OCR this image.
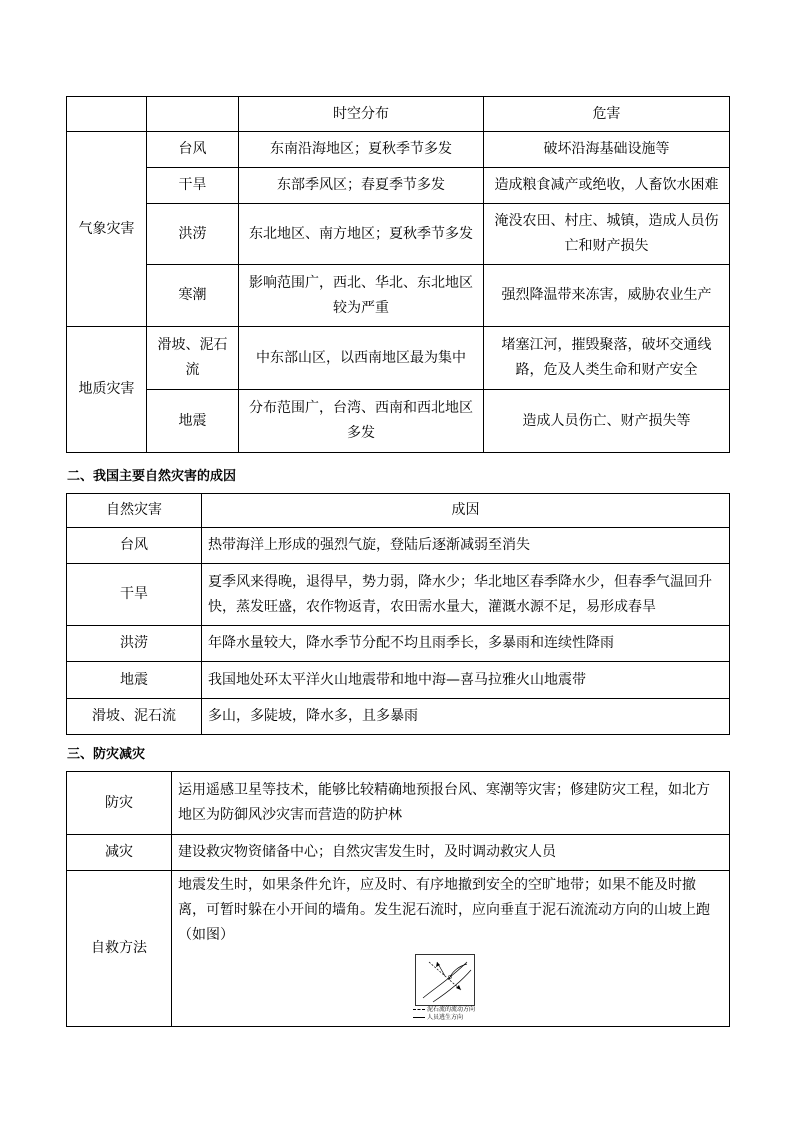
		时空分布	危害
气象灾害	台风	东南沿海地区；夏秋季节多发	破坏沿海基础设施等
	干旱	东部季风区；春夏季节多发	造成粮食减产或绝收，人畜饮水困难
	洪涝	东北地区、南方地区；夏秋季节多发	淹没农田、村庄、城镇，造成人员伤亡和财产损失
	寒潮	影响范围广，西北、华北、东北地区较为严重	强烈降温带来冻害，威胁农业生产
地质灾害	滑坡、泥石流	中东部山区，以西南地区最为集中	堵塞江河，摧毁聚落，破坏交通线路，危及人类生命和财产安全
	地震	分布范围广，台湾、西南和西北地区多发	造成人员伤亡、财产损失等
二、我国主要自然灾害的成因
自然灾害	成因
台风	热带海洋上形成的强烈气旋，登陆后逐渐减弱至消失
干旱	夏季风来得晚，退得早，势力弱，降水少；华北地区春季降水少，但春季气温回升快，蒸发旺盛，农作物返青，农田需水量大，灌溉水源不足，易形成春旱
洪涝	年降水量较大，降水季节分配不均且雨季长，多暴雨和连续性降雨
地震	我国地处环太平洋火山地震带和地中海—喜马拉雅火山地震带
滑坡、泥石流	多山，多陡坡，降水多，且多暴雨
三、防灾减灾
防灾	运用遥感卫星等技术，能够比较精确地预报台风、寒潮等灾害；修建防灾工程，如北方地区为防御风沙灾害而营造的防护林
减灾	建设救灾物资储备中心；自然灾害发生时，及时调动救灾人员
自救方法	地震发生时，如果条件允许，应及时、有序地撤到安全的空旷地带；如果不能及时撤离，可暂时躲在小开间的墙角。发生泥石流时，应向垂直于泥石流流动方向的山坡上跑（如图）
O
泥石流的流动方向
人员逃生方向
